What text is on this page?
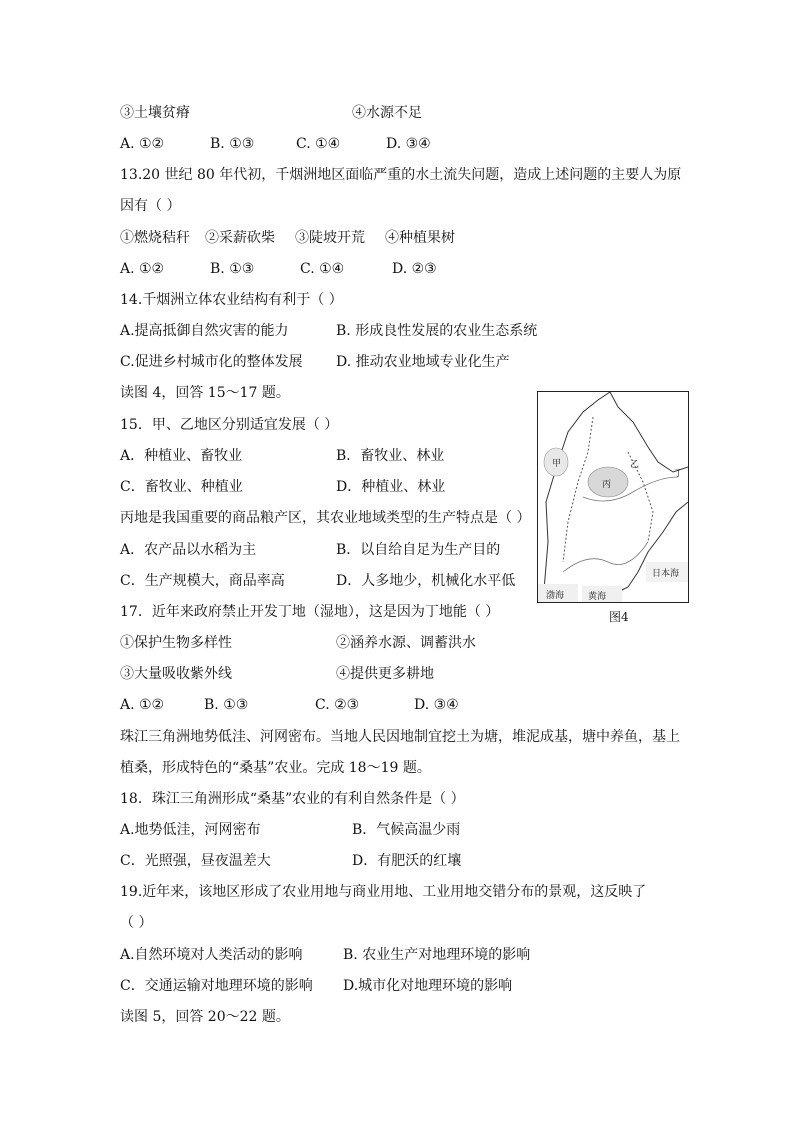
③土壤贫瘠	④水源不足
A. ①②	B. ①③	C. ①④	D. ③④
13.20 世纪 80 年代初，千烟洲地区面临严重的水土流失问题，造成上述问题的主要人为原
因有（ ）
①燃烧秸秆 ②采薪砍柴 ③陡坡开荒 ④种植果树
A. ①②	B. ①③	C. ①④	D. ②③
14.千烟洲立体农业结构有利于（ ）
A.提高抵御自然灾害的能力	B. 形成良性发展的农业生态系统
C.促进乡村城市化的整体发展 D. 推动农业地域专业化生产
读图 4，回答 15～17 题。
15．甲、乙地区分别适宜发展（ ）
A．种植业、畜牧业	B．畜牧业、林业
C．畜牧业、种植业	D．种植业、林业
丙地是我国重要的商品粮产区，其农业地域类型的生产特点是（ ）
A．农产品以水稻为主	B．以自给自足为生产目的
C．生产规模大，商品率高	D．人多地少，机械化水平低
17．近年来政府禁止开发丁地（湿地），这是因为丁地能（ ）
①保护生物多样性	②涵养水源、调蓄洪水
③大量吸收紫外线	④提供更多耕地
A. ①②	B. ①③	C. ②③	D. ③④
珠江三角洲地势低洼、河网密布。当地人民因地制宜挖土为塘，堆泥成基，塘中养鱼，基上
植桑，形成特色的“桑基”农业。完成 18～19 题。
18．珠江三角洲形成“桑基”农业的有利自然条件是（ ）
A.地势低洼，河网密布	B．气候高温少雨
C．光照强，昼夜温差大	D．有肥沃的红壤
19.近年来，该地区形成了农业用地与商业用地、工业用地交错分布的景观，这反映了
（ ）
A.自然环境对人类活动的影响	B. 农业生产对地理环境的影响
C．交通运输对地理环境的影响 D.城市化对地理环境的影响
读图 5，回答 20～22 题。
甲	乙
丙
丁
日本海
渤海	黄海
图4
